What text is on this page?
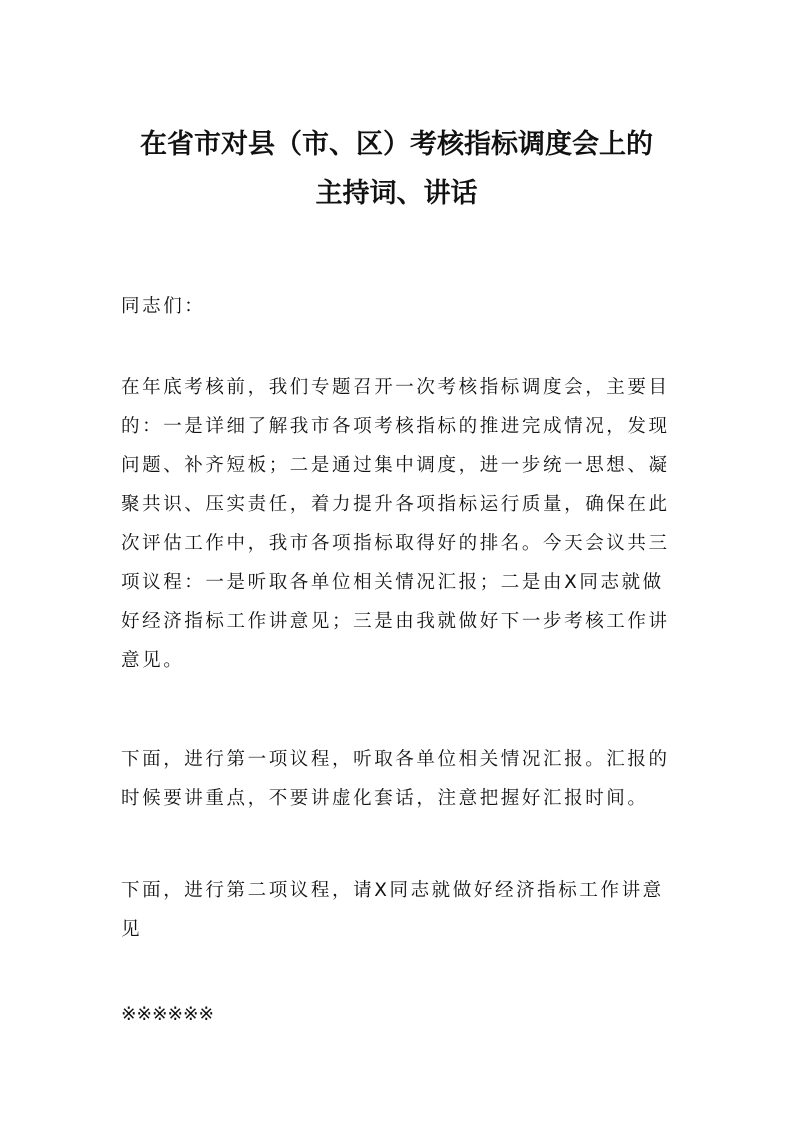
在省市对县（市、区）考核指标调度会上的
主持词、讲话

同志们：

在年底考核前，我们专题召开一次考核指标调度会，主要目
的：一是详细了解我市各项考核指标的推进完成情况，发现
问题、补齐短板；二是通过集中调度，进一步统一思想、凝
聚共识、压实责任，着力提升各项指标运行质量，确保在此
次评估工作中，我市各项指标取得好的排名。今天会议共三
项议程：一是听取各单位相关情况汇报；二是由X同志就做
好经济指标工作讲意见；三是由我就做好下一步考核工作讲
意见。
下面，进行第一项议程，听取各单位相关情况汇报。汇报的
时候要讲重点，不要讲虚化套话，注意把握好汇报时间。
下面，进行第二项议程，请X同志就做好经济指标工作讲意
见

※※※※※※
